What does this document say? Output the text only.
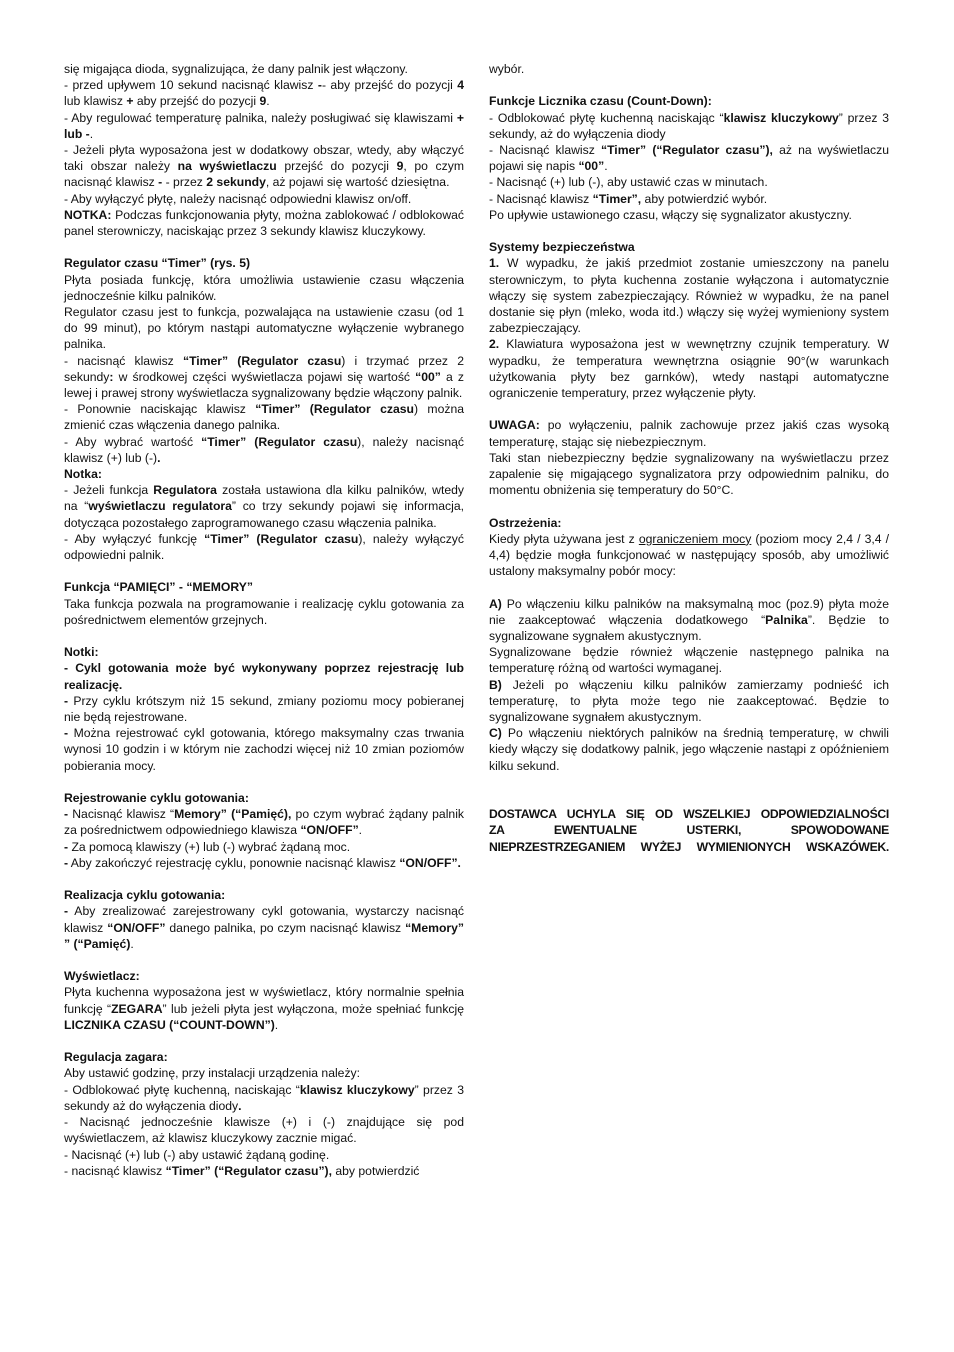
się migająca dioda, sygnalizująca, że dany palnik jest włączony.

- przed upływem 10 sekund nacisnąć klawisz -- aby przejść do pozycji 4 lub klawisz + aby przejść do pozycji 9.

- Aby regulować temperaturę palnika, należy posługiwać się klawiszami + lub -.

- Jeżeli płyta wyposażona jest w dodatkowy obszar, wtedy, aby włączyć taki obszar należy na wyświetlaczu przejść do pozycji 9, po czym nacisnąć klawisz - - przez 2 sekundy, aż pojawi się wartość dziesiętna.

- Aby wyłączyć płytę, należy nacisnąć odpowiedni klawisz on/off.

NOTKA: Podczas funkcjonowania płyty, można zablokować / odblokować panel sterowniczy, naciskając przez 3 sekundy klawisz kluczykowy.

Regulator czasu “Timer” (rys. 5)

Płyta posiada funkcję, która umożliwia ustawienie czasu włączenia jednocześnie kilku palników.

Regulator czasu jest to funkcja, pozwalająca na ustawienie czasu (od 1 do 99 minut), po którym nastąpi automatyczne wyłączenie wybranego palnika.

- nacisnąć klawisz “Timer” (Regulator czasu) i trzymać przez 2 sekundy: w środkowej części wyświetlacza pojawi się wartość “00” a z lewej i prawej strony wyświetlacza sygnalizowany będzie włączony palnik.

- Ponownie naciskając klawisz “Timer” (Regulator czasu) można zmienić czas włączenia danego palnika.

- Aby wybrać wartość “Timer” (Regulator czasu), należy nacisnąć klawisz (+) lub (-).

Notka:

- Jeżeli funkcja Regulatora została ustawiona dla kilku palników, wtedy na “wyświetlaczu regulatora” co trzy sekundy pojawi się informacja, dotycząca pozostałego zaprogramowanego czasu włączenia palnika.

- Aby wyłączyć funkcję “Timer” (Regulator czasu), należy wyłączyć odpowiedni palnik.

Funkcja “PAMIĘCI” - “MEMORY”

Taka funkcja pozwala na programowanie i realizację cyklu gotowania za pośrednictwem elementów grzejnych.

Notki:

- Cykl gotowania może być wykonywany poprzez rejestrację lub realizację.

- Przy cyklu krótszym niż 15 sekund, zmiany poziomu mocy pobieranej nie będą rejestrowane.

- Można rejestrować cykl gotowania, którego maksymalny czas trwania wynosi 10 godzin i w którym nie zachodzi więcej niż 10 zmian poziomów pobierania mocy.

Rejestrowanie cyklu gotowania:

- Nacisnąć klawisz “Memory” (“Pamięć), po czym wybrać żądany palnik za pośrednictwem odpowiedniego klawisza “ON/OFF”.

- Za pomocą klawiszy (+) lub (-) wybrać żądaną moc.

- Aby zakończyć rejestrację cyklu, ponownie nacisnąć klawisz “ON/OFF”.

Realizacja cyklu gotowania:

- Aby zrealizować zarejestrowany cykl gotowania, wystarczy nacisnąć klawisz “ON/OFF” danego palnika, po czym nacisnąć klawisz “Memory” ” (“Pamięć).

Wyświetlacz:

Płyta kuchenna wyposażona jest w wyświetlacz, który normalnie spełnia funkcję “ZEGARA” lub jeżeli płyta jest wyłączona, może spełniać funkcję LICZNIKA CZASU (“COUNT-DOWN”).

Regulacja zagara:

Aby ustawić godzinę, przy instalacji urządzenia należy:

- Odblokować płytę kuchenną, naciskając “klawisz kluczykowy” przez 3 sekundy aż do wyłączenia diody.

- Nacisnąć jednocześnie klawisze (+) i (-) znajdujące się pod wyświetlaczem, aż klawisz kluczykowy zacznie migać.

- Nacisnąć (+) lub (-) aby ustawić żądaną godinę.

- nacisnąć klawisz “Timer” (“Regulator czasu”), aby potwierdzić

wybór.

Funkcje Licznika czasu (Count-Down):

- Odblokować płytę kuchenną naciskając “klawisz kluczykowy” przez 3 sekundy, aż do wyłączenia diody

- Nacisnąć klawisz “Timer” (“Regulator czasu”), aż na wyświetlaczu pojawi się napis “00”.

- Nacisnąć (+) lub (-), aby ustawić czas w minutach.

- Nacisnąć klawisz “Timer”, aby potwierdzić wybór.

Po upływie ustawionego czasu, włączy się sygnalizator akustyczny.

Systemy bezpieczeństwa

1. W wypadku, że jakiś przedmiot zostanie umieszczony na panelu sterowniczym, to płyta kuchenna zostanie wyłączona i automatycznie włączy się system zabezpieczający. Również w wypadku, że na panel dostanie się płyn (mleko, woda itd.) włączy się wyżej wymieniony system zabezpieczający.

2. Klawiatura wyposażona jest w wewnętrzny czujnik temperatury. W wypadku, że temperatura wewnętrzna osiągnie 90°(w warunkach użytkowania płyty bez garnków), wtedy nastąpi automatyczne ograniczenie temperatury, przez wyłączenie płyty.

UWAGA: po wyłączeniu, palnik zachowuje przez jakiś czas wysoką temperaturę, stając się niebezpiecznym.

Taki stan niebezpieczny będzie sygnalizowany na wyświetlaczu przez zapalenie się migającego sygnalizatora przy odpowiednim palniku, do momentu obniżenia się temperatury do 50°C.

Ostrzeżenia:

Kiedy płyta używana jest z ograniczeniem mocy (poziom mocy 2,4 / 3,4 / 4,4) będzie mogła funkcjonować w następujący sposób, aby umożliwić ustalony maksymalny pobór mocy:

A) Po włączeniu kilku palników na maksymalną moc (poz.9) płyta może nie zaakceptować włączenia dodatkowego “Palnika”. Będzie to sygnalizowane sygnałem akustycznym.

Sygnalizowane będzie również włączenie następnego palnika na temperaturę różną od wartości wymaganej.

B) Jeżeli po włączeniu kilku palników zamierzamy podnieść ich temperaturę, to płyta może tego nie zaakceptować. Będzie to sygnalizowane sygnałem akustycznym.

C) Po włączeniu niektórych palników na średnią temperaturę, w chwili kiedy włączy się dodatkowy palnik, jego włączenie nastąpi z opóźnieniem kilku sekund.

DOSTAWCA UCHYLA SIĘ OD WSZELKIEJ ODPOWIEDZIALNOŚCI
ZA EWENTUALNE USTERKI, SPOWODOWANE
NIEPRZESTRZEGANIEM WYŻEJ WYMIENIONYCH WSKAZÓWEK.
